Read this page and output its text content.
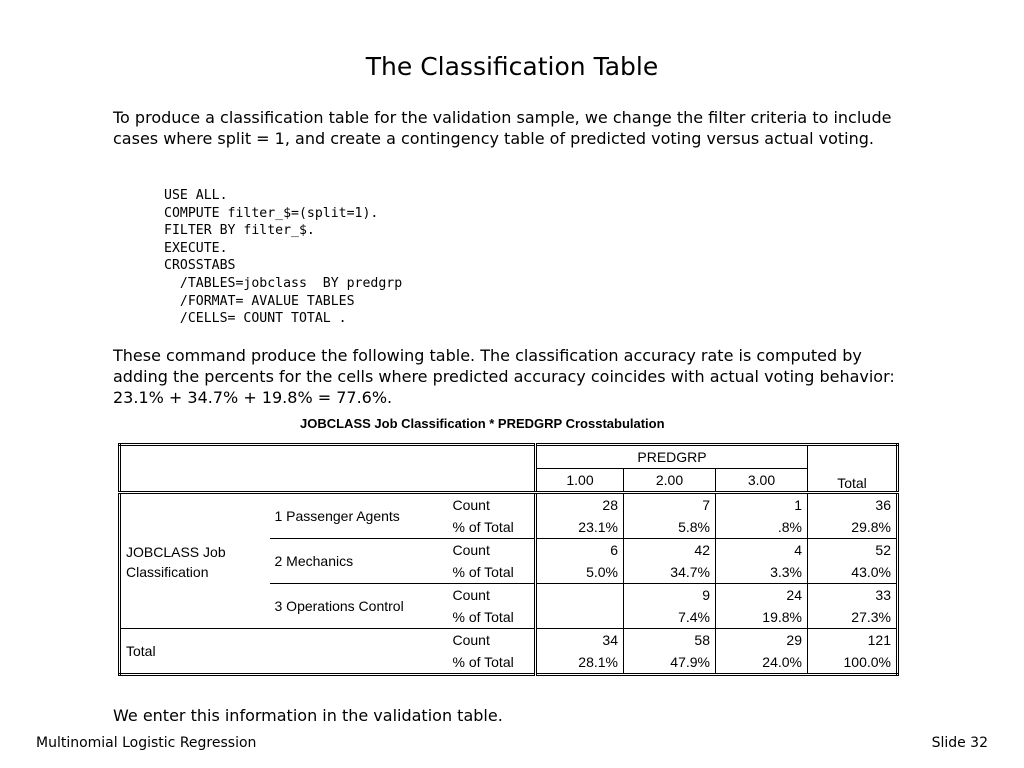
The Classification Table

To produce a classification table for the validation sample, we change the filter criteria to include cases where split = 1, and create a contingency table of predicted voting versus actual voting.

USE ALL.
COMPUTE filter_$=(split=1).
FILTER BY filter_$.
EXECUTE.
CROSSTABS
/TABLES=jobclass  BY predgrp
/FORMAT= AVALUE TABLES
/CELLS= COUNT TOTAL .

These command produce the following table. The classification accuracy rate is computed by adding the percents for the cells where predicted accuracy coincides with actual voting behavior: 23.1% + 34.7% + 19.8% = 77.6%.

JOBCLASS Job Classification * PREDGRP Crosstabulation
			PREDGRP			Total
			1.00	2.00	3.00	
JOBCLASS Job Classification	1 Passenger Agents	Count	28	7	1	36
		% of Total	23.1%	5.8%	.8%	29.8%
	2 Mechanics	Count	6	42	4	52
		% of Total	5.0%	34.7%	3.3%	43.0%
	3 Operations Control	Count		9	24	33
		% of Total		7.4%	19.8%	27.3%
Total		Count	34	58	29	121
		% of Total	28.1%	47.9%	24.0%	100.0%

We enter this information in the validation table.

Multinomial Logistic Regression	Slide 32
